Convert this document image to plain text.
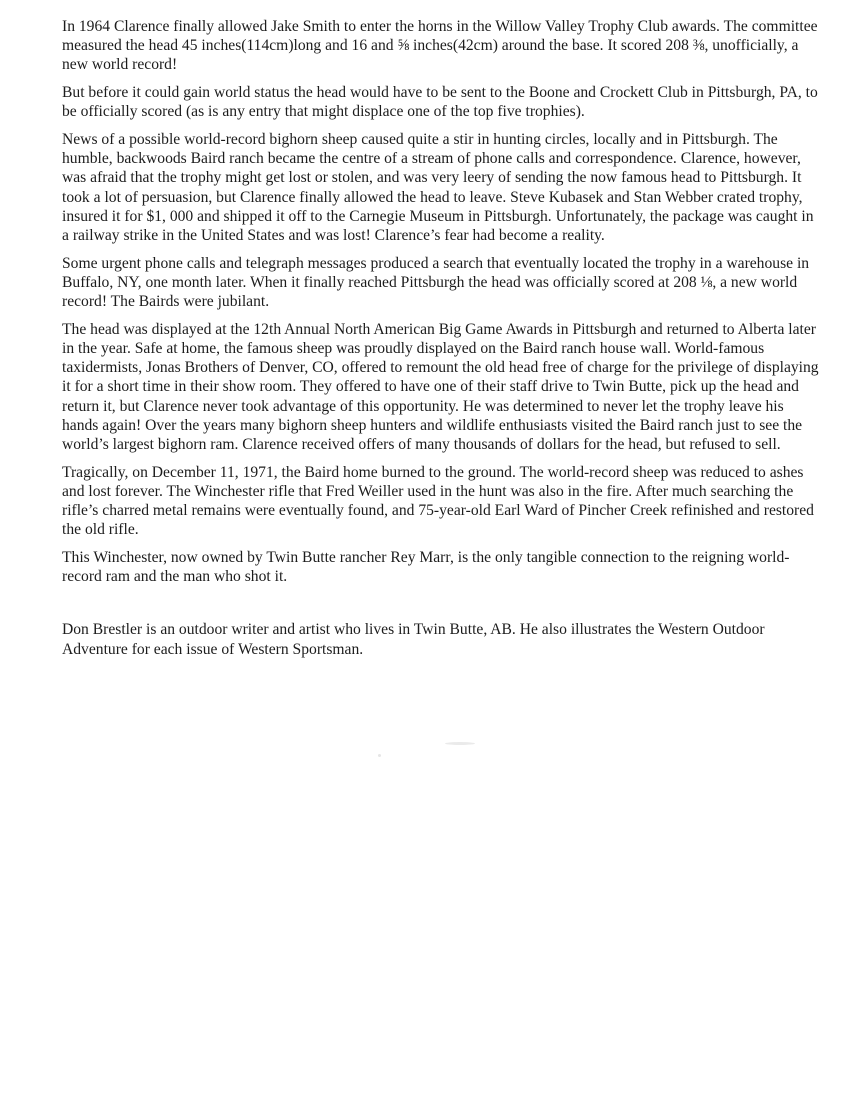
In 1964 Clarence finally allowed Jake Smith to enter the horns in the Willow Valley Trophy Club awards. The committee measured the head 45 inches(114cm)long and 16 and ⅝ inches(42cm) around the base. It scored 208 ⅜, unofficially, a new world record!

But before it could gain world status the head would have to be sent to the Boone and Crockett Club in Pittsburgh, PA, to be officially scored (as is any entry that might displace one of the top five trophies).

News of a possible world-record bighorn sheep caused quite a stir in hunting circles, locally and in Pittsburgh. The humble, backwoods Baird ranch became the centre of a stream of phone calls and correspondence. Clarence, however, was afraid that the trophy might get lost or stolen, and was very leery of sending the now famous head to Pittsburgh. It took a lot of persuasion, but Clarence finally allowed the head to leave. Steve Kubasek and Stan Webber crated trophy, insured it for $1, 000 and shipped it off to the Carnegie Museum in Pittsburgh. Unfortunately, the package was caught in a railway strike in the United States and was lost! Clarence’s fear had become a reality.

Some urgent phone calls and telegraph messages produced a search that eventually located the trophy in a warehouse in Buffalo, NY, one month later. When it finally reached Pittsburgh the head was officially scored at 208 ⅛, a new world record! The Bairds were jubilant.

The head was displayed at the 12th Annual North American Big Game Awards in Pittsburgh and returned to Alberta later in the year. Safe at home, the famous sheep was proudly displayed on the Baird ranch house wall. World-famous taxidermists, Jonas Brothers of Denver, CO, offered to remount the old head free of charge for the privilege of displaying it for a short time in their show room. They offered to have one of their staff drive to Twin Butte, pick up the head and return it, but Clarence never took advantage of this opportunity. He was determined to never let the trophy leave his hands again! Over the years many bighorn sheep hunters and wildlife enthusiasts visited the Baird ranch just to see the world’s largest bighorn ram. Clarence received offers of many thousands of dollars for the head, but refused to sell.

Tragically, on December 11, 1971, the Baird home burned to the ground. The world-record sheep was reduced to ashes and lost forever. The Winchester rifle that Fred Weiller used in the hunt was also in the fire. After much searching the rifle’s charred metal remains were eventually found, and 75-year-old Earl Ward of Pincher Creek refinished and restored the old rifle.

This Winchester, now owned by Twin Butte rancher Rey Marr, is the only tangible connection to the reigning world-record ram and the man who shot it.

Don Brestler is an outdoor writer and artist who lives in Twin Butte, AB. He also illustrates the Western Outdoor Adventure for each issue of Western Sportsman.
